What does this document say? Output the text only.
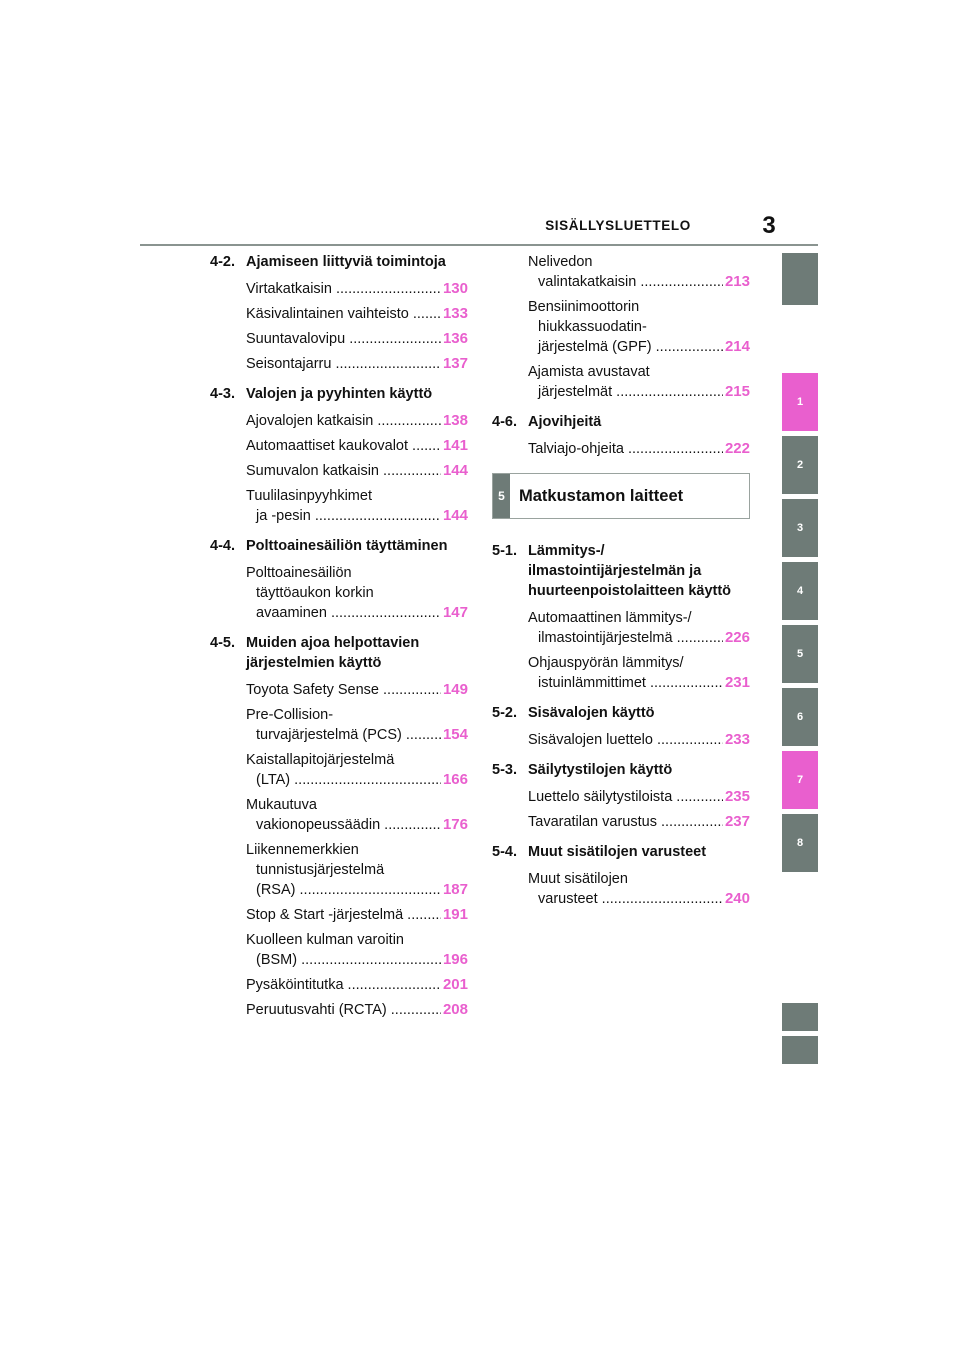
SISÄLLYSLUETTELO	3
1
2
3
4
5
6
7
8
4-2. Ajamiseen liittyviä toimintoja
Virtakatkaisin .....	130
Käsivalintainen vaihteisto .....	133
Suuntavalovipu .....	136
Seisontajarru .....	137
4-3. Valojen ja pyyhinten käyttö
Ajovalojen katkaisin .....	138
Automaattiset kaukovalot .....	141
Sumuvalon katkaisin .....	144
Tuulilasinpyyhkimet
ja -pesin .....	144
4-4. Polttoainesäiliön täyttäminen
Polttoainesäiliön
täyttöaukon korkin
avaaminen .....	147
4-5. Muiden ajoa helpottavien järjestelmien käyttö
Toyota Safety Sense .....	149
Pre-Collision-
turvajärjestelmä (PCS) .....	154
Kaistallapitojärjestelmä
(LTA) .....	166
Mukautuva
vakionopeussäädin .....	176
Liikennemerkkien
tunnistusjärjestelmä
(RSA) .....	187
Stop & Start -järjestelmä .....	191
Kuolleen kulman varoitin
(BSM) .....	196
Pysäköintitutka .....	201
Peruutusvahti (RCTA) .....	208
Nelivedon
valintakatkaisin .....	213
Bensiinimoottorin
hiukkassuodatin-
järjestelmä (GPF) .....	214
Ajamista avustavat
järjestelmät .....	215
4-6. Ajovihjeitä
Talviajo-ohjeita .....	222
5 Matkustamon laitteet
5-1. Lämmitys-/ ilmastointijärjestelmän ja huurteenpoistolaitteen käyttö
Automaattinen lämmitys-/
ilmastointijärjestelmä .....	226
Ohjauspyörän lämmitys/
istuinlämmittimet .....	231
5-2. Sisävalojen käyttö
Sisävalojen luettelo .....	233
5-3. Säilytystilojen käyttö
Luettelo säilytystiloista .....	235
Tavaratilan varustus .....	237
5-4. Muut sisätilojen varusteet
Muut sisätilojen
varusteet .....	240
